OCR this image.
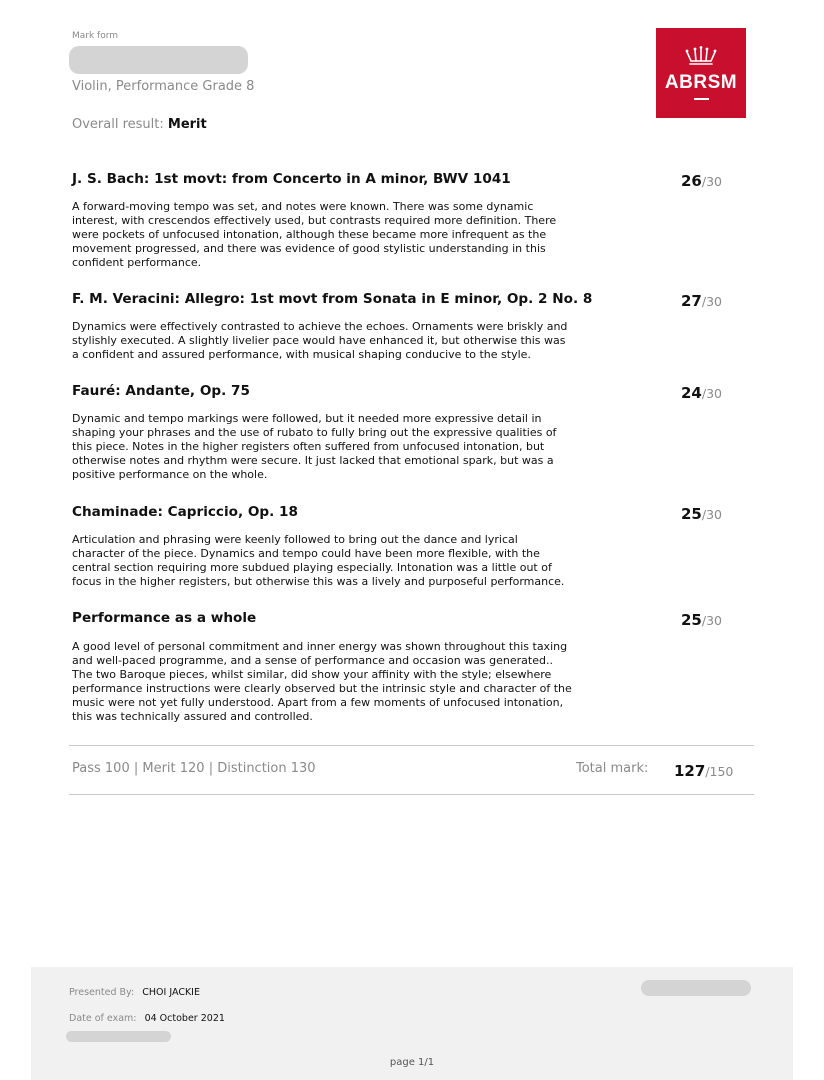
Mark form
Violin, Performance Grade 8
Overall result: Merit
ABRSM
J. S. Bach: 1st movt: from Concerto in A minor, BWV 1041	26/30
A forward-moving tempo was set, and notes were known. There was some dynamic interest, with crescendos effectively used, but contrasts required more definition. There were pockets of unfocused intonation, although these became more infrequent as the movement progressed, and there was evidence of good stylistic understanding in this confident performance.
F. M. Veracini: Allegro: 1st movt from Sonata in E minor, Op. 2 No. 8	27/30
Dynamics were effectively contrasted to achieve the echoes. Ornaments were briskly and stylishly executed. A slightly livelier pace would have enhanced it, but otherwise this was a confident and assured performance, with musical shaping conducive to the style.
Fauré: Andante, Op. 75	24/30
Dynamic and tempo markings were followed, but it needed more expressive detail in shaping your phrases and the use of rubato to fully bring out the expressive qualities of this piece. Notes in the higher registers often suffered from unfocused intonation, but otherwise notes and rhythm were secure. It just lacked that emotional spark, but was a positive performance on the whole.
Chaminade: Capriccio, Op. 18	25/30
Articulation and phrasing were keenly followed to bring out the dance and lyrical character of the piece. Dynamics and tempo could have been more flexible, with the central section requiring more subdued playing especially. Intonation was a little out of focus in the higher registers, but otherwise this was a lively and purposeful performance.
Performance as a whole	25/30
A good level of personal commitment and inner energy was shown throughout this taxing and well-paced programme, and a sense of performance and occasion was generated.. The two Baroque pieces, whilst similar, did show your affinity with the style; elsewhere performance instructions were clearly observed but the intrinsic style and character of the music were not yet fully understood. Apart from a few moments of unfocused intonation, this was technically assured and controlled.
Pass 100 | Merit 120 | Distinction 130	Total mark: 127/150
Presented By: CHOI JACKIE
Date of exam: 04 October 2021
page 1/1
